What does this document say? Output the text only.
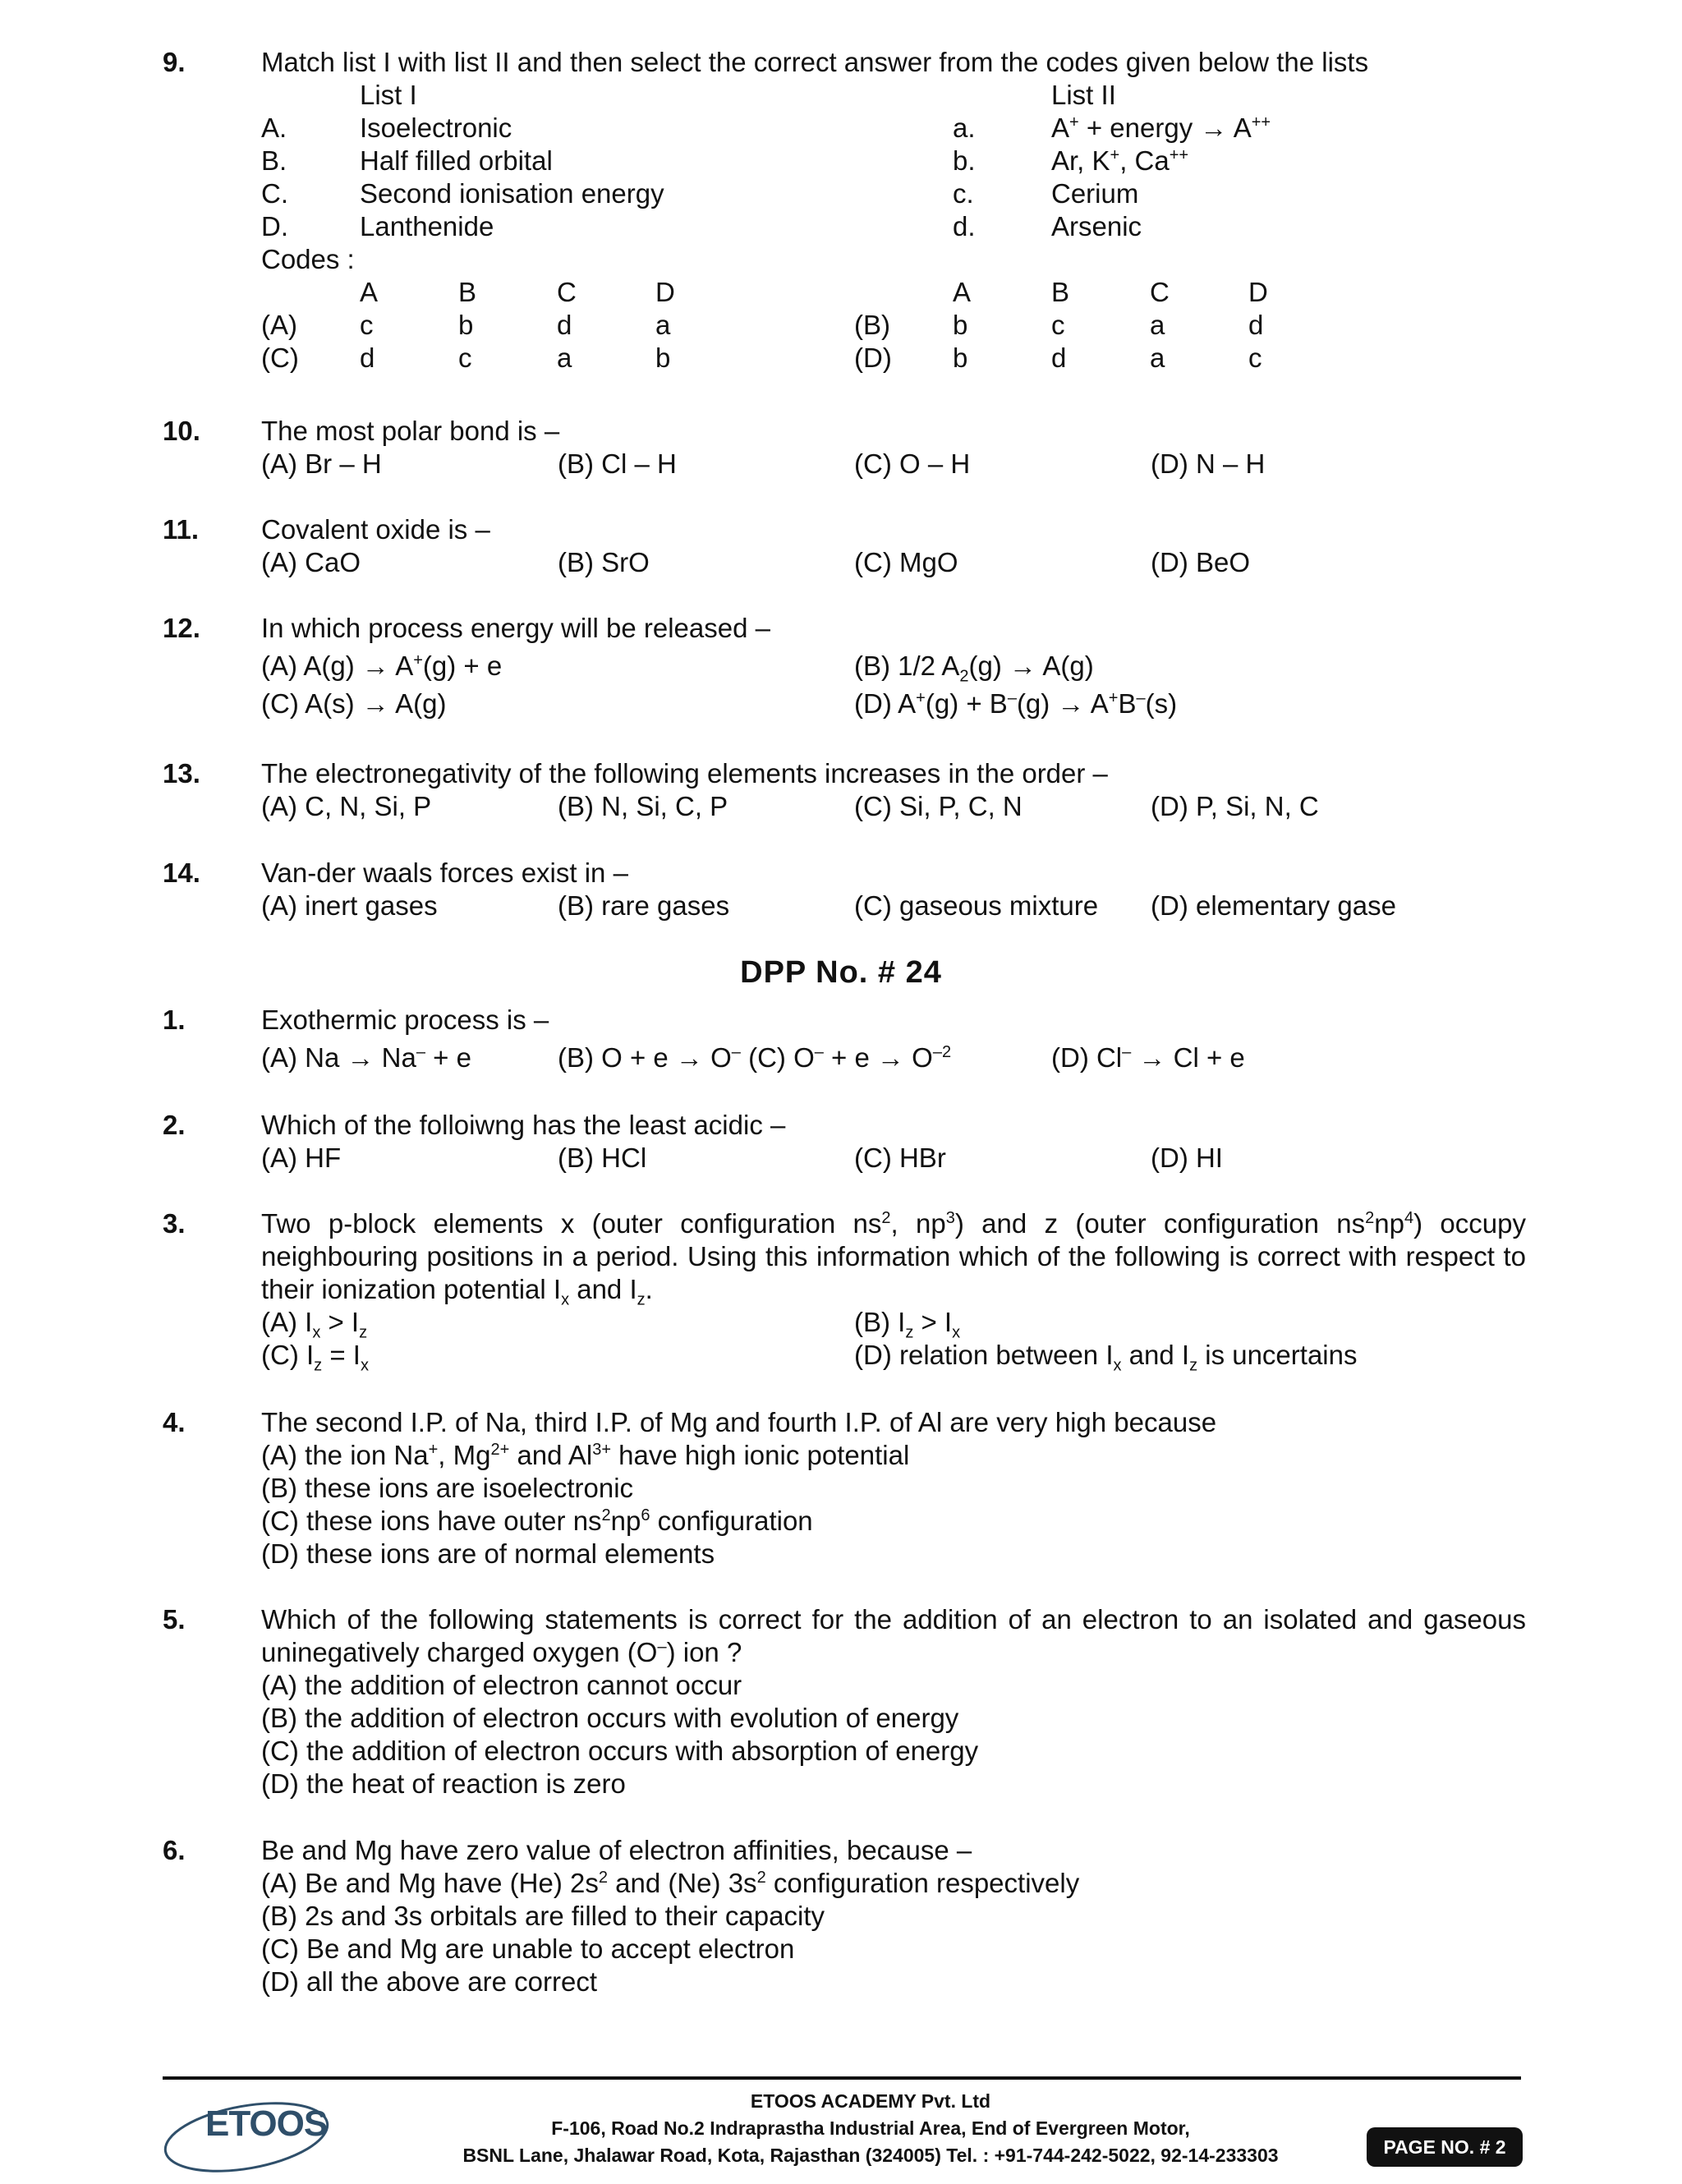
9.	Match list I with list II and then select the correct answer from the codes given below the lists
List I	List II
A.	Isoelectronic	a.	A+ + energy → A++
B.	Half filled orbital	b.	Ar, K+, Ca++
C.	Second ionisation energy	c.	Cerium
D.	Lanthenide	d.	Arsenic
Codes :
A	B	C	D	A	B	C	D
(A) c	b	d	a	(B) b	c	a	d
(C) d	c	a	b	(D) b	d	a	c
10. The most polar bond is –
(A) Br – H	(B) Cl – H	(C) O – H	(D) N – H
11. Covalent oxide is –
(A) CaO	(B) SrO	(C) MgO	(D) BeO
12. In which process energy will be released –
(A) A(g) → A+(g) + e	(B) 1/2 $A_2(g) \to A(g)$
(C) A(s) → A(g)	(D) A+(g) + B–(g) → A+B–(s)
13. The electronegativity of the following elements increases in the order –
(A) C, N, Si, P	(B) N, Si, C, P	(C) Si, P, C, N	(D) P, Si, N, C
14. Van-der waals forces exist in –
(A) inert gases	(B) rare gases	(C) gaseous mixture (D) elementary gase
DPP No. # 24
1.	Exothermic process is –
(A) Na → Na– + e	(B) O + e → O– (C) $O^- + e \to O^{-2}$	(D) Cl– → Cl + e
2.	Which of the folloiwng has the least acidic –
(A) HF	(B) HCl	(C) HBr	(D) HI
3.	Two p-block elements x (outer configuration $ns^2$, $np^3$) and z (outer configuration $ns^2np^4$) occupy neighbouring positions in a period. Using this information which of the following is correct with respect to their ionization potential $I_x$ and $I_z$.
(A) $I_x > I_z$	(B) $I_z > I_x$
(C) $I_z = I_x$	(D) relation between $I_x$ and $I_z$ is uncertains
4.	The second I.P. of Na, third I.P. of Mg and fourth I.P. of Al are very high because
(A) the ion Na+, $Mg^{2+}$ and $Al^{3+}$ have high ionic potential
(B) these ions are isoelectronic
(C) these ions have outer $ns^2np^6$ configuration
(D) these ions are of normal elements
5.	Which of the following statements is correct for the addition of an electron to an isolated and gaseous uninegatively charged oxygen (O–) ion ?
(A) the addition of electron cannot occur
(B) the addition of electron occurs with evolution of energy
(C) the addition of electron occurs with absorption of energy
(D) the heat of reaction is zero
6.	Be and Mg have zero value of electron affinities, because –
(A) Be and Mg have (He) $2s^2$ and (Ne) $3s^2$ configuration respectively
(B) 2s and 3s orbitals are filled to their capacity
(C) Be and Mg are unable to accept electron
(D) all the above are correct
ETOOS
ETOOS ACADEMY Pvt. Ltd
F-106, Road No.2 Indraprastha Industrial Area, End of Evergreen Motor,
BSNL Lane, Jhalawar Road, Kota, Rajasthan (324005) Tel. : +91-744-242-5022, 92-14-233303	PAGE NO. # 2
